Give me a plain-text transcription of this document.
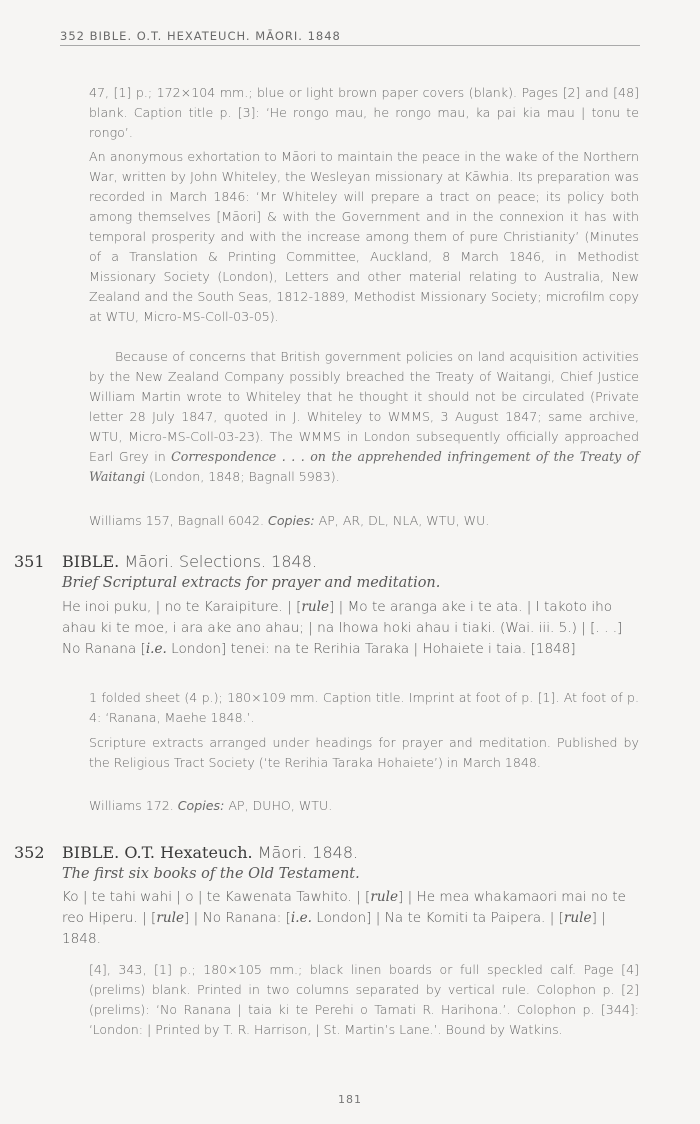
352 BIBLE. O.T. HEXATEUCH. MĀORI. 1848
47, [1] p.; 172×104 mm.; blue or light brown paper covers (blank). Pages [2] and [48] blank. Caption title p. [3]: ‘He rongo mau, he rongo mau, ka pai kia mau | tonu te rongo’.
An anonymous exhortation to Māori to maintain the peace in the wake of the Northern War, written by John Whiteley, the Wesleyan missionary at Kāwhia. Its preparation was recorded in March 1846: ‘Mr Whiteley will prepare a tract on peace; its policy both among themselves [Māori] & with the Government and in the connexion it has with temporal prosperity and with the increase among them of pure Christianity’ (Minutes of a Translation & Printing Committee, Auckland, 8 March 1846, in Methodist Missionary Society (London), Letters and other material relating to Australia, New Zealand and the South Seas, 1812-1889, Methodist Missionary Society; microfilm copy at WTU, Micro-MS-Coll-03-05).
Because of concerns that British government policies on land acquisition activities by the New Zealand Company possibly breached the Treaty of Waitangi, Chief Justice William Martin wrote to Whiteley that he thought it should not be circulated (Private letter 28 July 1847, quoted in J. Whiteley to WMMS, 3 August 1847; same archive, WTU, Micro-MS-Coll-03-23). The WMMS in London subsequently officially approached Earl Grey in Correspondence . . . on the apprehended infringement of the Treaty of Waitangi (London, 1848; Bagnall 5983).
Williams 157, Bagnall 6042. Copies: AP, AR, DL, NLA, WTU, WU.
351 BIBLE. Māori. Selections. 1848.
Brief Scriptural extracts for prayer and meditation.
He inoi puku, | no te Karaipiture. | [rule] | Mo te aranga ake i te ata. | I takoto iho ahau ki te moe, i ara ake ano ahau; | na Ihowa hoki ahau i tiaki. (Wai. iii. 5.) | [. . .] No Ranana [i.e. London] tenei: na te Rerihia Taraka | Hohaiete i taia. [1848]
1 folded sheet (4 p.); 180×109 mm. Caption title. Imprint at foot of p. [1]. At foot of p. 4: ‘Ranana, Maehe 1848.’.
Scripture extracts arranged under headings for prayer and meditation. Published by the Religious Tract Society (‘te Rerihia Taraka Hohaiete’) in March 1848.
Williams 172. Copies: AP, DUHO, WTU.
352 BIBLE. O.T. Hexateuch. Māori. 1848.
The first six books of the Old Testament.
Ko | te tahi wahi | o | te Kawenata Tawhito. | [rule] | He mea whakamaori mai no te reo Hiperu. | [rule] | No Ranana: [i.e. London] | Na te Komiti ta Paipera. | [rule] | 1848.
[4], 343, [1] p.; 180×105 mm.; black linen boards or full speckled calf. Page [4] (prelims) blank. Printed in two columns separated by vertical rule. Colophon p. [2] (prelims): ‘No Ranana | taia ki te Perehi o Tamati R. Harihona.’. Colophon p. [344]: ‘London: | Printed by T. R. Harrison, | St. Martin’s Lane.’. Bound by Watkins.
181
